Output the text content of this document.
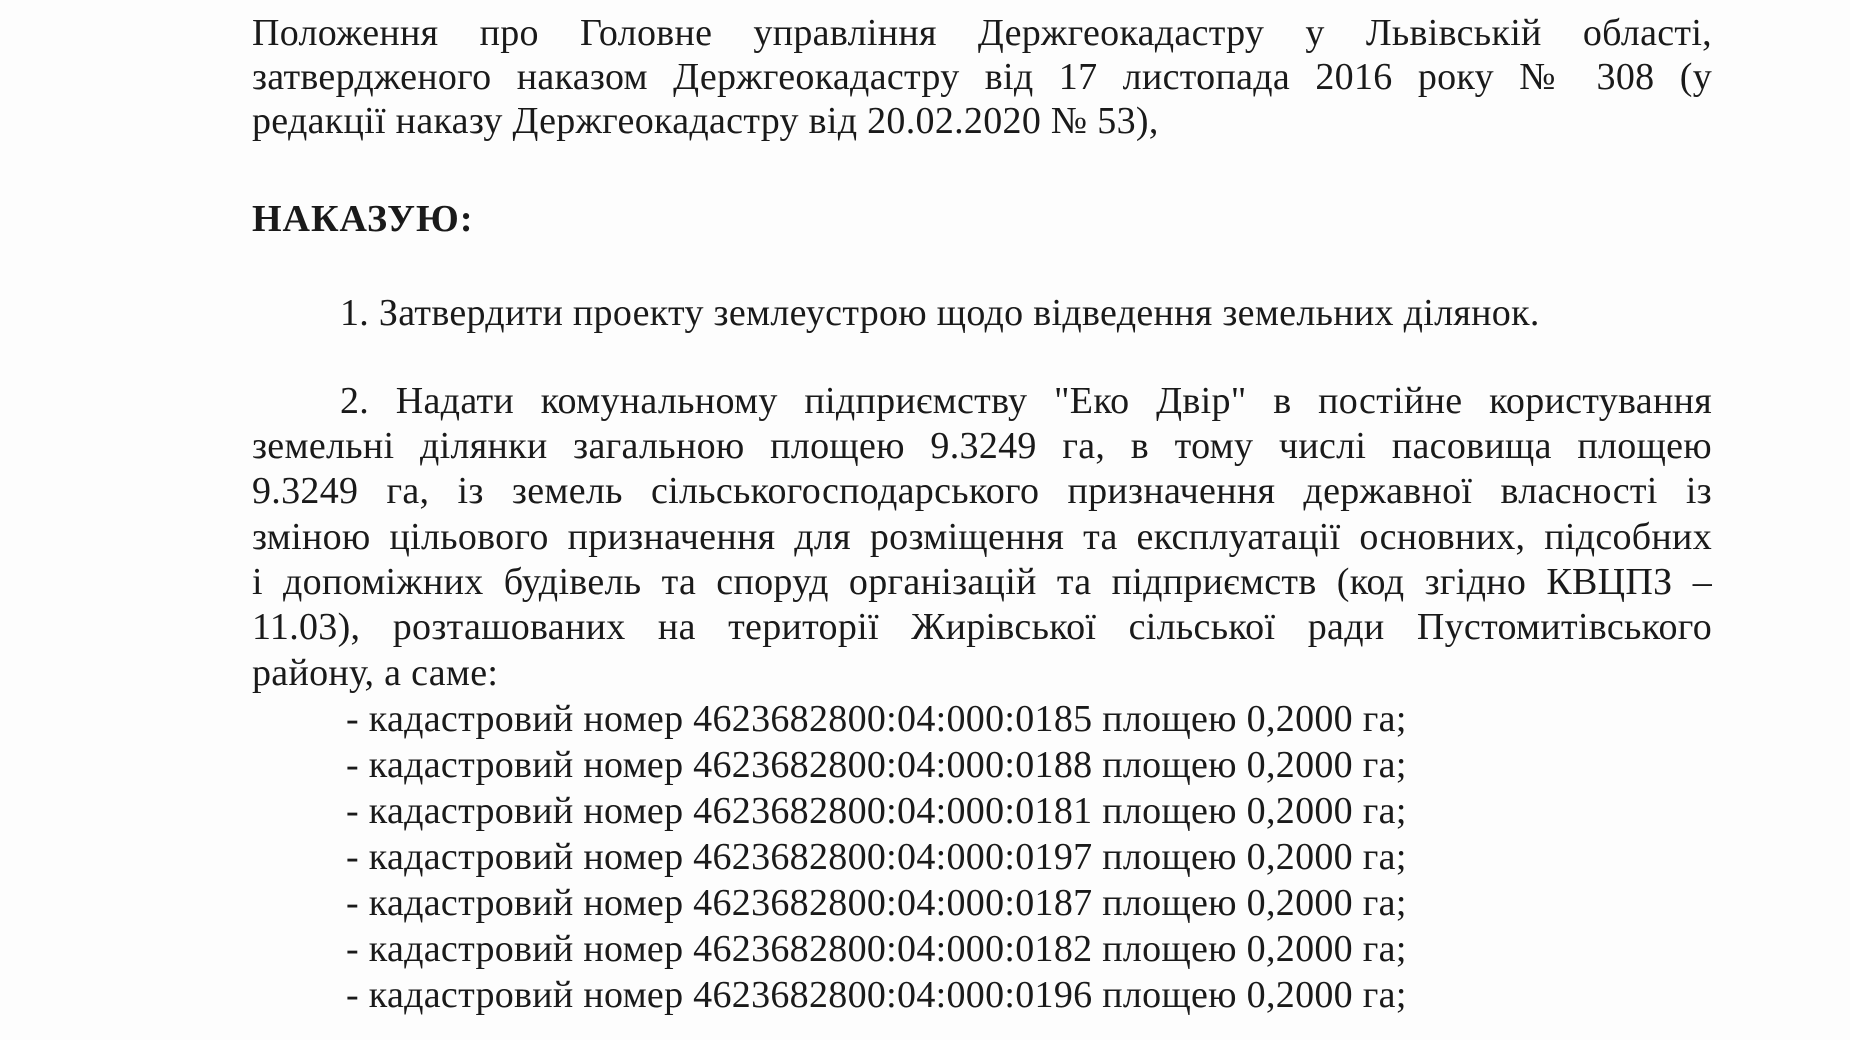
Положення про Головне управління Держгеокадастру у Львівській області,
затвердженого наказом Держгеокадастру від 17 листопада 2016 року № 308 (у
редакції наказу Держгеокадастру від 20.02.2020 № 53),
НАКАЗУЮ:
1. Затвердити проекту землеустрою щодо відведення земельних ділянок.
2. Надати комунальному підприємству "Еко Двір" в постійне користування
земельні ділянки загальною площею 9.3249 га, в тому числі пасовища площею
9.3249 га, із земель сільськогосподарського призначення державної власності із
зміною цільового призначення для розміщення та експлуатації основних, підсобних
і допоміжних будівель та споруд організацій та підприємств (код згідно КВЦПЗ –
11.03), розташованих на території Жирівської сільської ради Пустомитівського
району, а саме:
- кадастровий номер 4623682800:04:000:0185 площею 0,2000 га;
- кадастровий номер 4623682800:04:000:0188 площею 0,2000 га;
- кадастровий номер 4623682800:04:000:0181 площею 0,2000 га;
- кадастровий номер 4623682800:04:000:0197 площею 0,2000 га;
- кадастровий номер 4623682800:04:000:0187 площею 0,2000 га;
- кадастровий номер 4623682800:04:000:0182 площею 0,2000 га;
- кадастровий номер 4623682800:04:000:0196 площею 0,2000 га;
